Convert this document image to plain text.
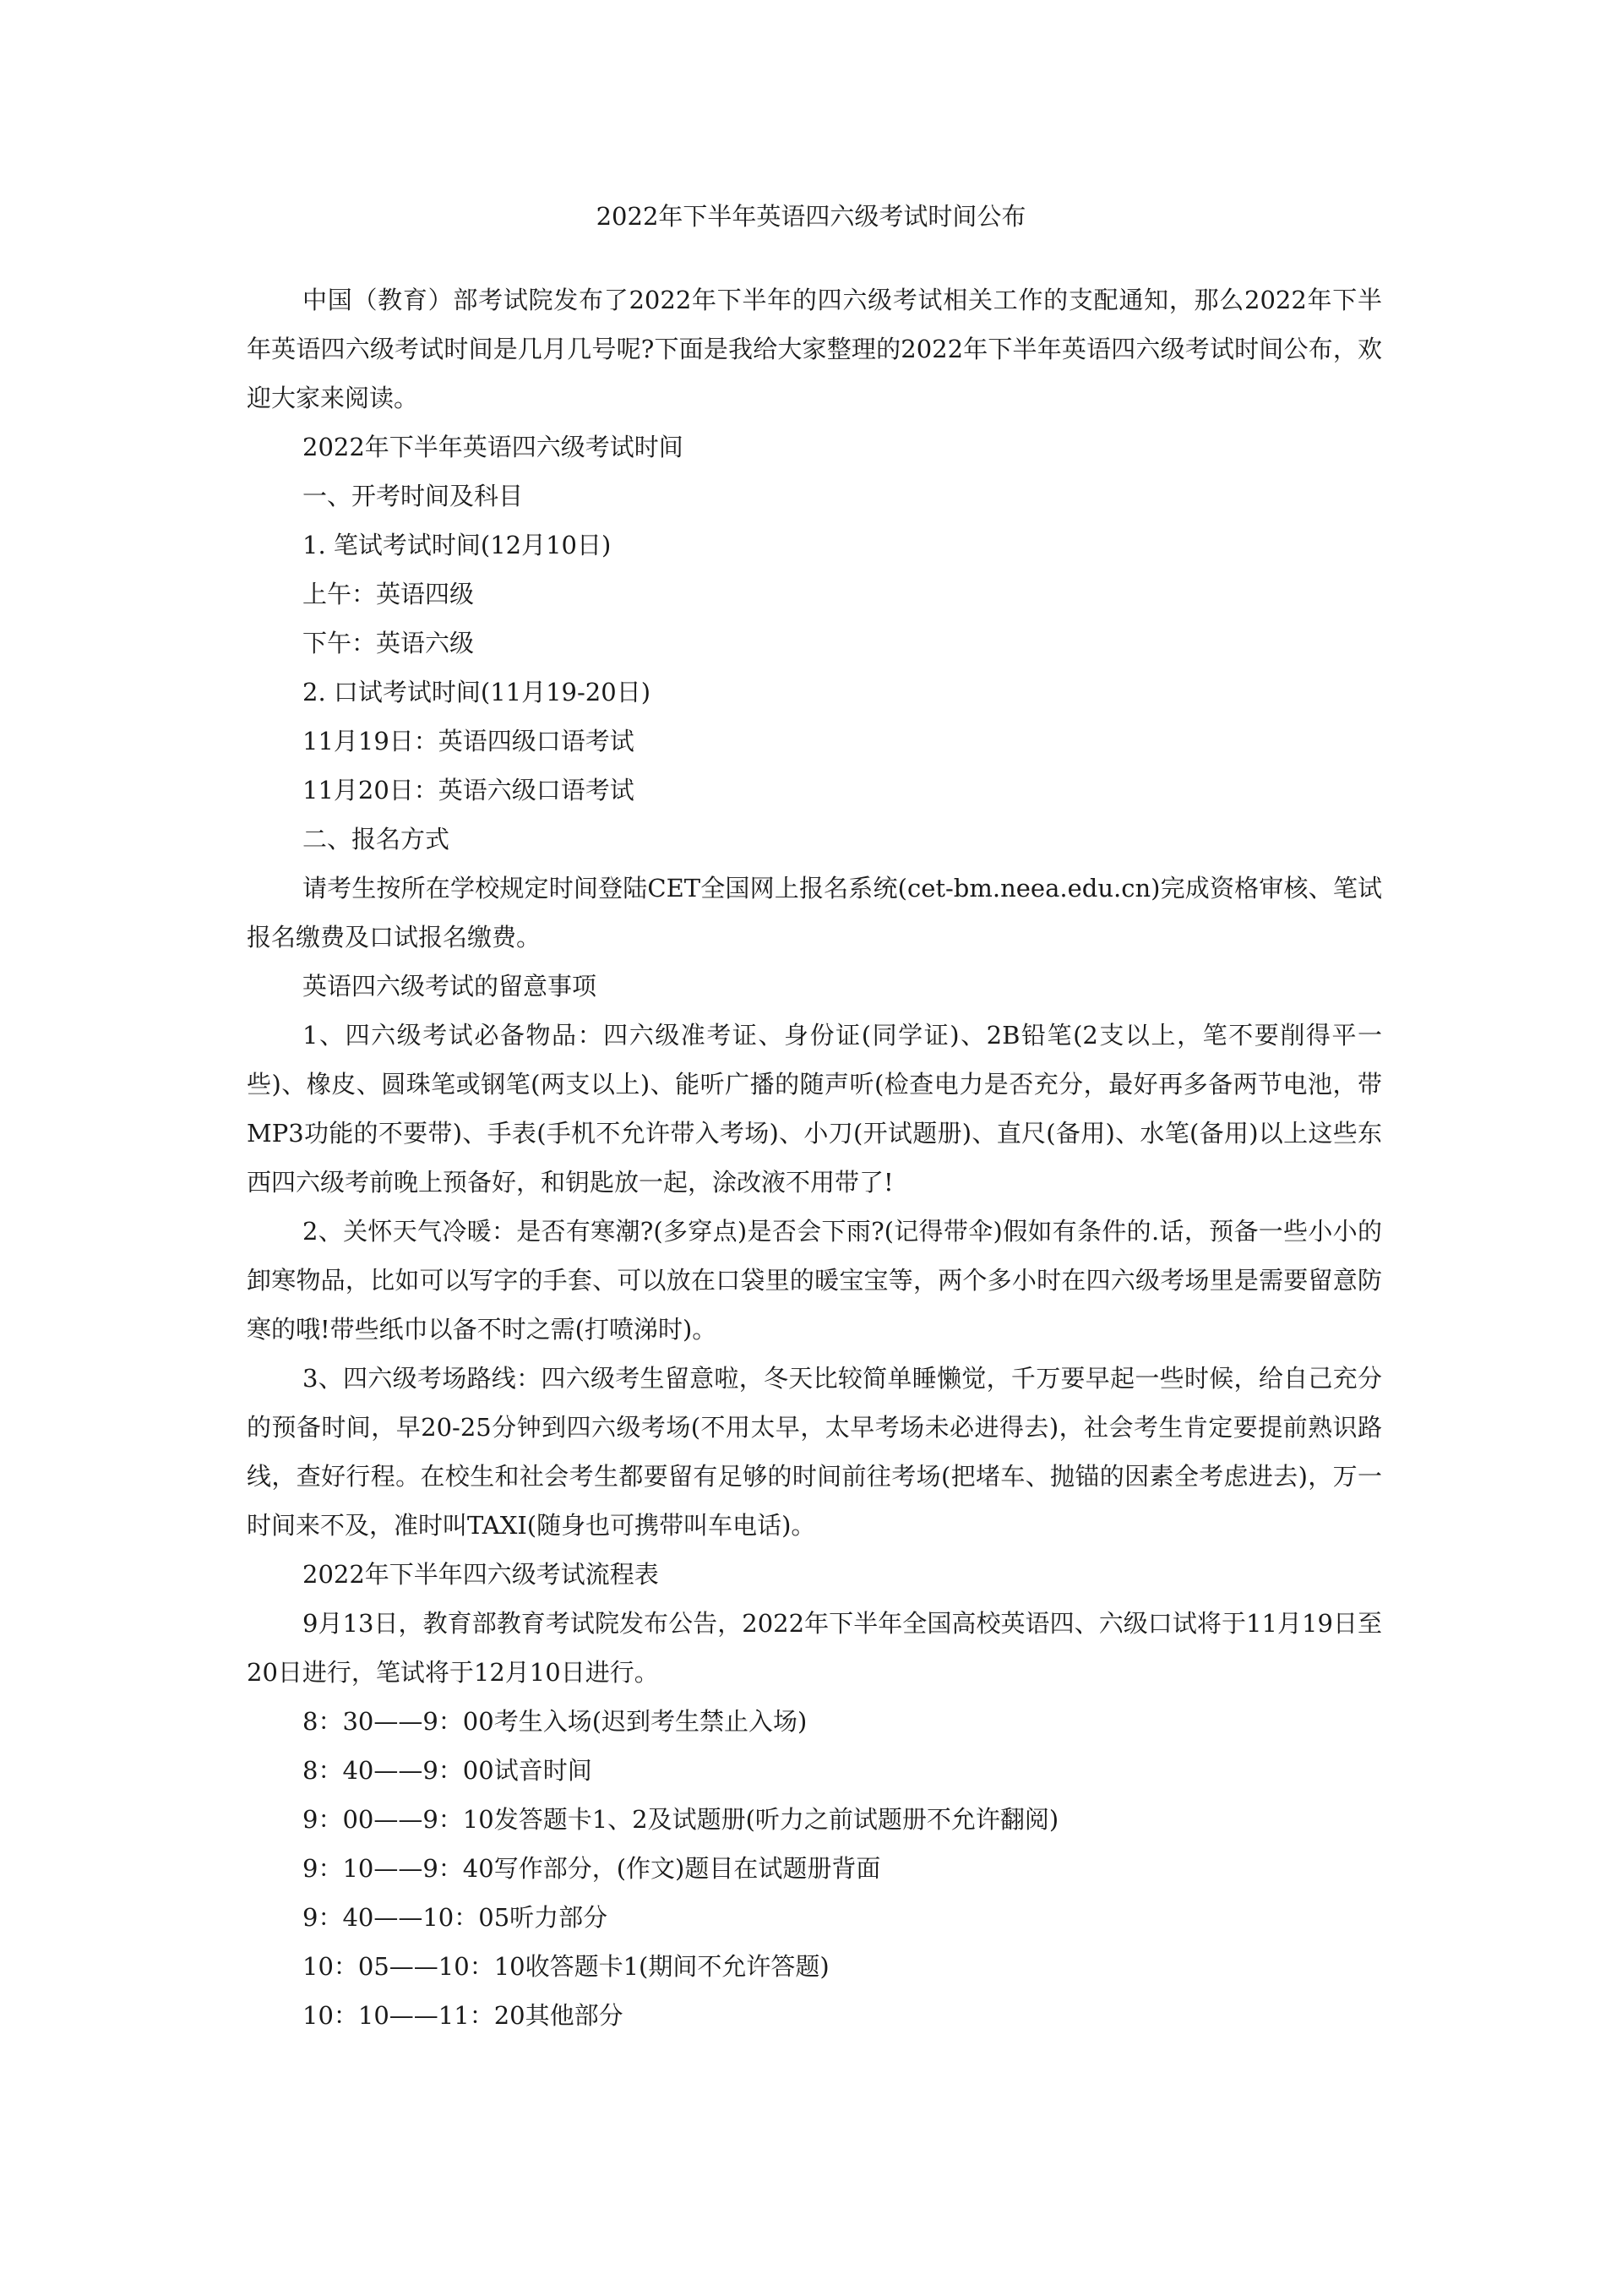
2022年下半年英语四六级考试时间公布

中国（教育）部考试院发布了2022年下半年的四六级考试相关工作的支配通知，那么2022年下半年英语四六级考试时间是几月几号呢?下面是我给大家整理的2022年下半年英语四六级考试时间公布，欢迎大家来阅读。

2022年下半年英语四六级考试时间

一、开考时间及科目

1. 笔试考试时间(12月10日)

上午：英语四级

下午：英语六级

2. 口试考试时间(11月19-20日)

11月19日：英语四级口语考试

11月20日：英语六级口语考试

二、报名方式

请考生按所在学校规定时间登陆CET全国网上报名系统(cet-bm.neea.edu.cn)完成资格审核、笔试报名缴费及口试报名缴费。

英语四六级考试的留意事项

1、四六级考试必备物品：四六级准考证、身份证(同学证)、2B铅笔(2支以上，笔不要削得平一些)、橡皮、圆珠笔或钢笔(两支以上)、能听广播的随声听(检查电力是否充分，最好再多备两节电池，带MP3功能的不要带)、手表(手机不允许带入考场)、小刀(开试题册)、直尺(备用)、水笔(备用)以上这些东西四六级考前晚上预备好，和钥匙放一起，涂改液不用带了!

2、关怀天气冷暖：是否有寒潮?(多穿点)是否会下雨?(记得带伞)假如有条件的.话，预备一些小小的卸寒物品，比如可以写字的手套、可以放在口袋里的暖宝宝等，两个多小时在四六级考场里是需要留意防寒的哦!带些纸巾以备不时之需(打喷涕时)。

3、四六级考场路线：四六级考生留意啦，冬天比较简单睡懒觉，千万要早起一些时候，给自己充分的预备时间，早20-25分钟到四六级考场(不用太早，太早考场未必进得去)，社会考生肯定要提前熟识路线，查好行程。在校生和社会考生都要留有足够的时间前往考场(把堵车、抛锚的因素全考虑进去)，万一时间来不及，准时叫TAXI(随身也可携带叫车电话)。

2022年下半年四六级考试流程表

9月13日，教育部教育考试院发布公告，2022年下半年全国高校英语四、六级口试将于11月19日至20日进行，笔试将于12月10日进行。

8：30——9：00考生入场(迟到考生禁止入场)

8：40——9：00试音时间

9：00——9：10发答题卡1、2及试题册(听力之前试题册不允许翻阅)

9：10——9：40写作部分，(作文)题目在试题册背面

9：40——10：05听力部分

10：05——10：10收答题卡1(期间不允许答题)

10：10——11：20其他部分
